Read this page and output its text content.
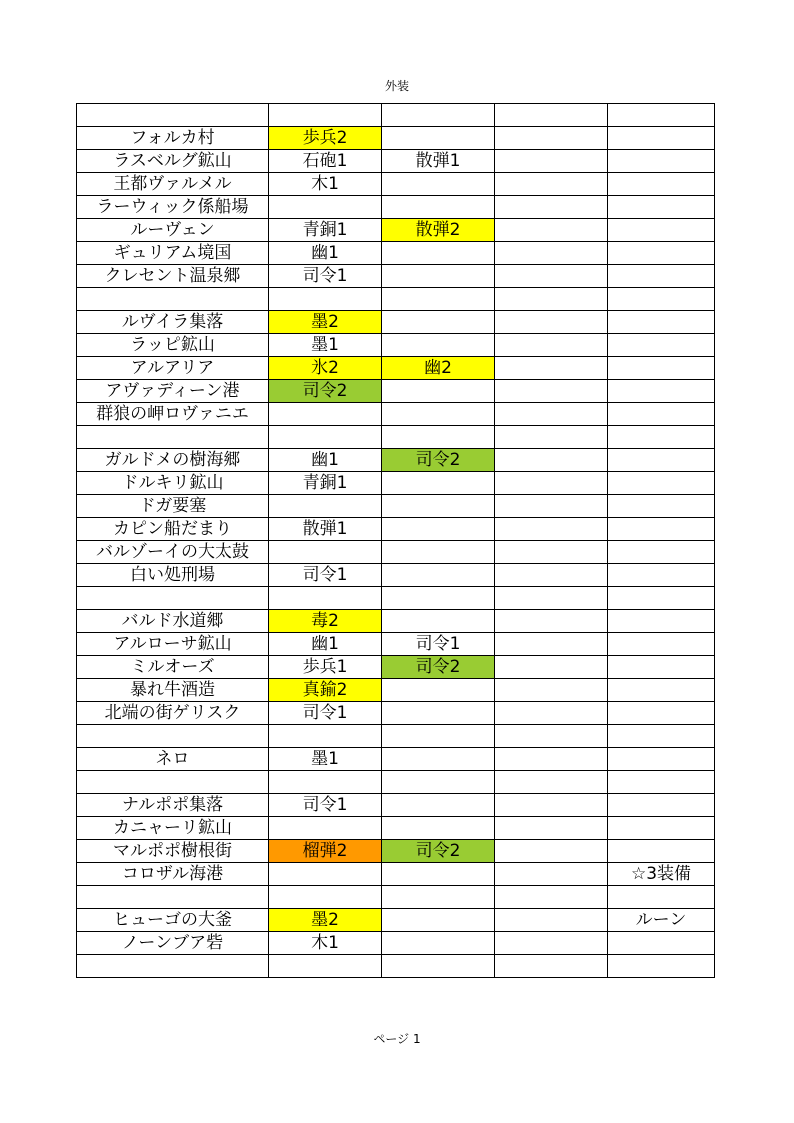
外装

フォルカ村	歩兵2			
ラスベルグ鉱山	石砲1	散弾1		
王都ヴァルメル	木1			
ラーウィック係船場				
ルーヴェン	青銅1	散弾2		
ギュリアム境国	幽1			
クレセント温泉郷	司令1			

ルヴイラ集落	墨2			
ラッピ鉱山	墨1			
アルアリア	氷2	幽2		
アヴァディーン港	司令2			
群狼の岬ロヴァニエ				

ガルドメの樹海郷	幽1	司令2		
ドルキリ鉱山	青銅1			
ドガ要塞				
カピン船だまり	散弾1			
バルゾーイの大太鼓				
白い処刑場	司令1			

バルド水道郷	毒2			
アルローサ鉱山	幽1	司令1		
ミルオーズ	歩兵1	司令2		
暴れ牛酒造	真鍮2			
北端の街ゲリスク	司令1			

ネロ	墨1			

ナルポポ集落	司令1			
カニャーリ鉱山				
マルポポ樹根街	榴弾2	司令2		
コロザル海港				☆3装備

ヒューゴの大釜	墨2			ルーン
ノーンブア砦	木1			

ページ 1
